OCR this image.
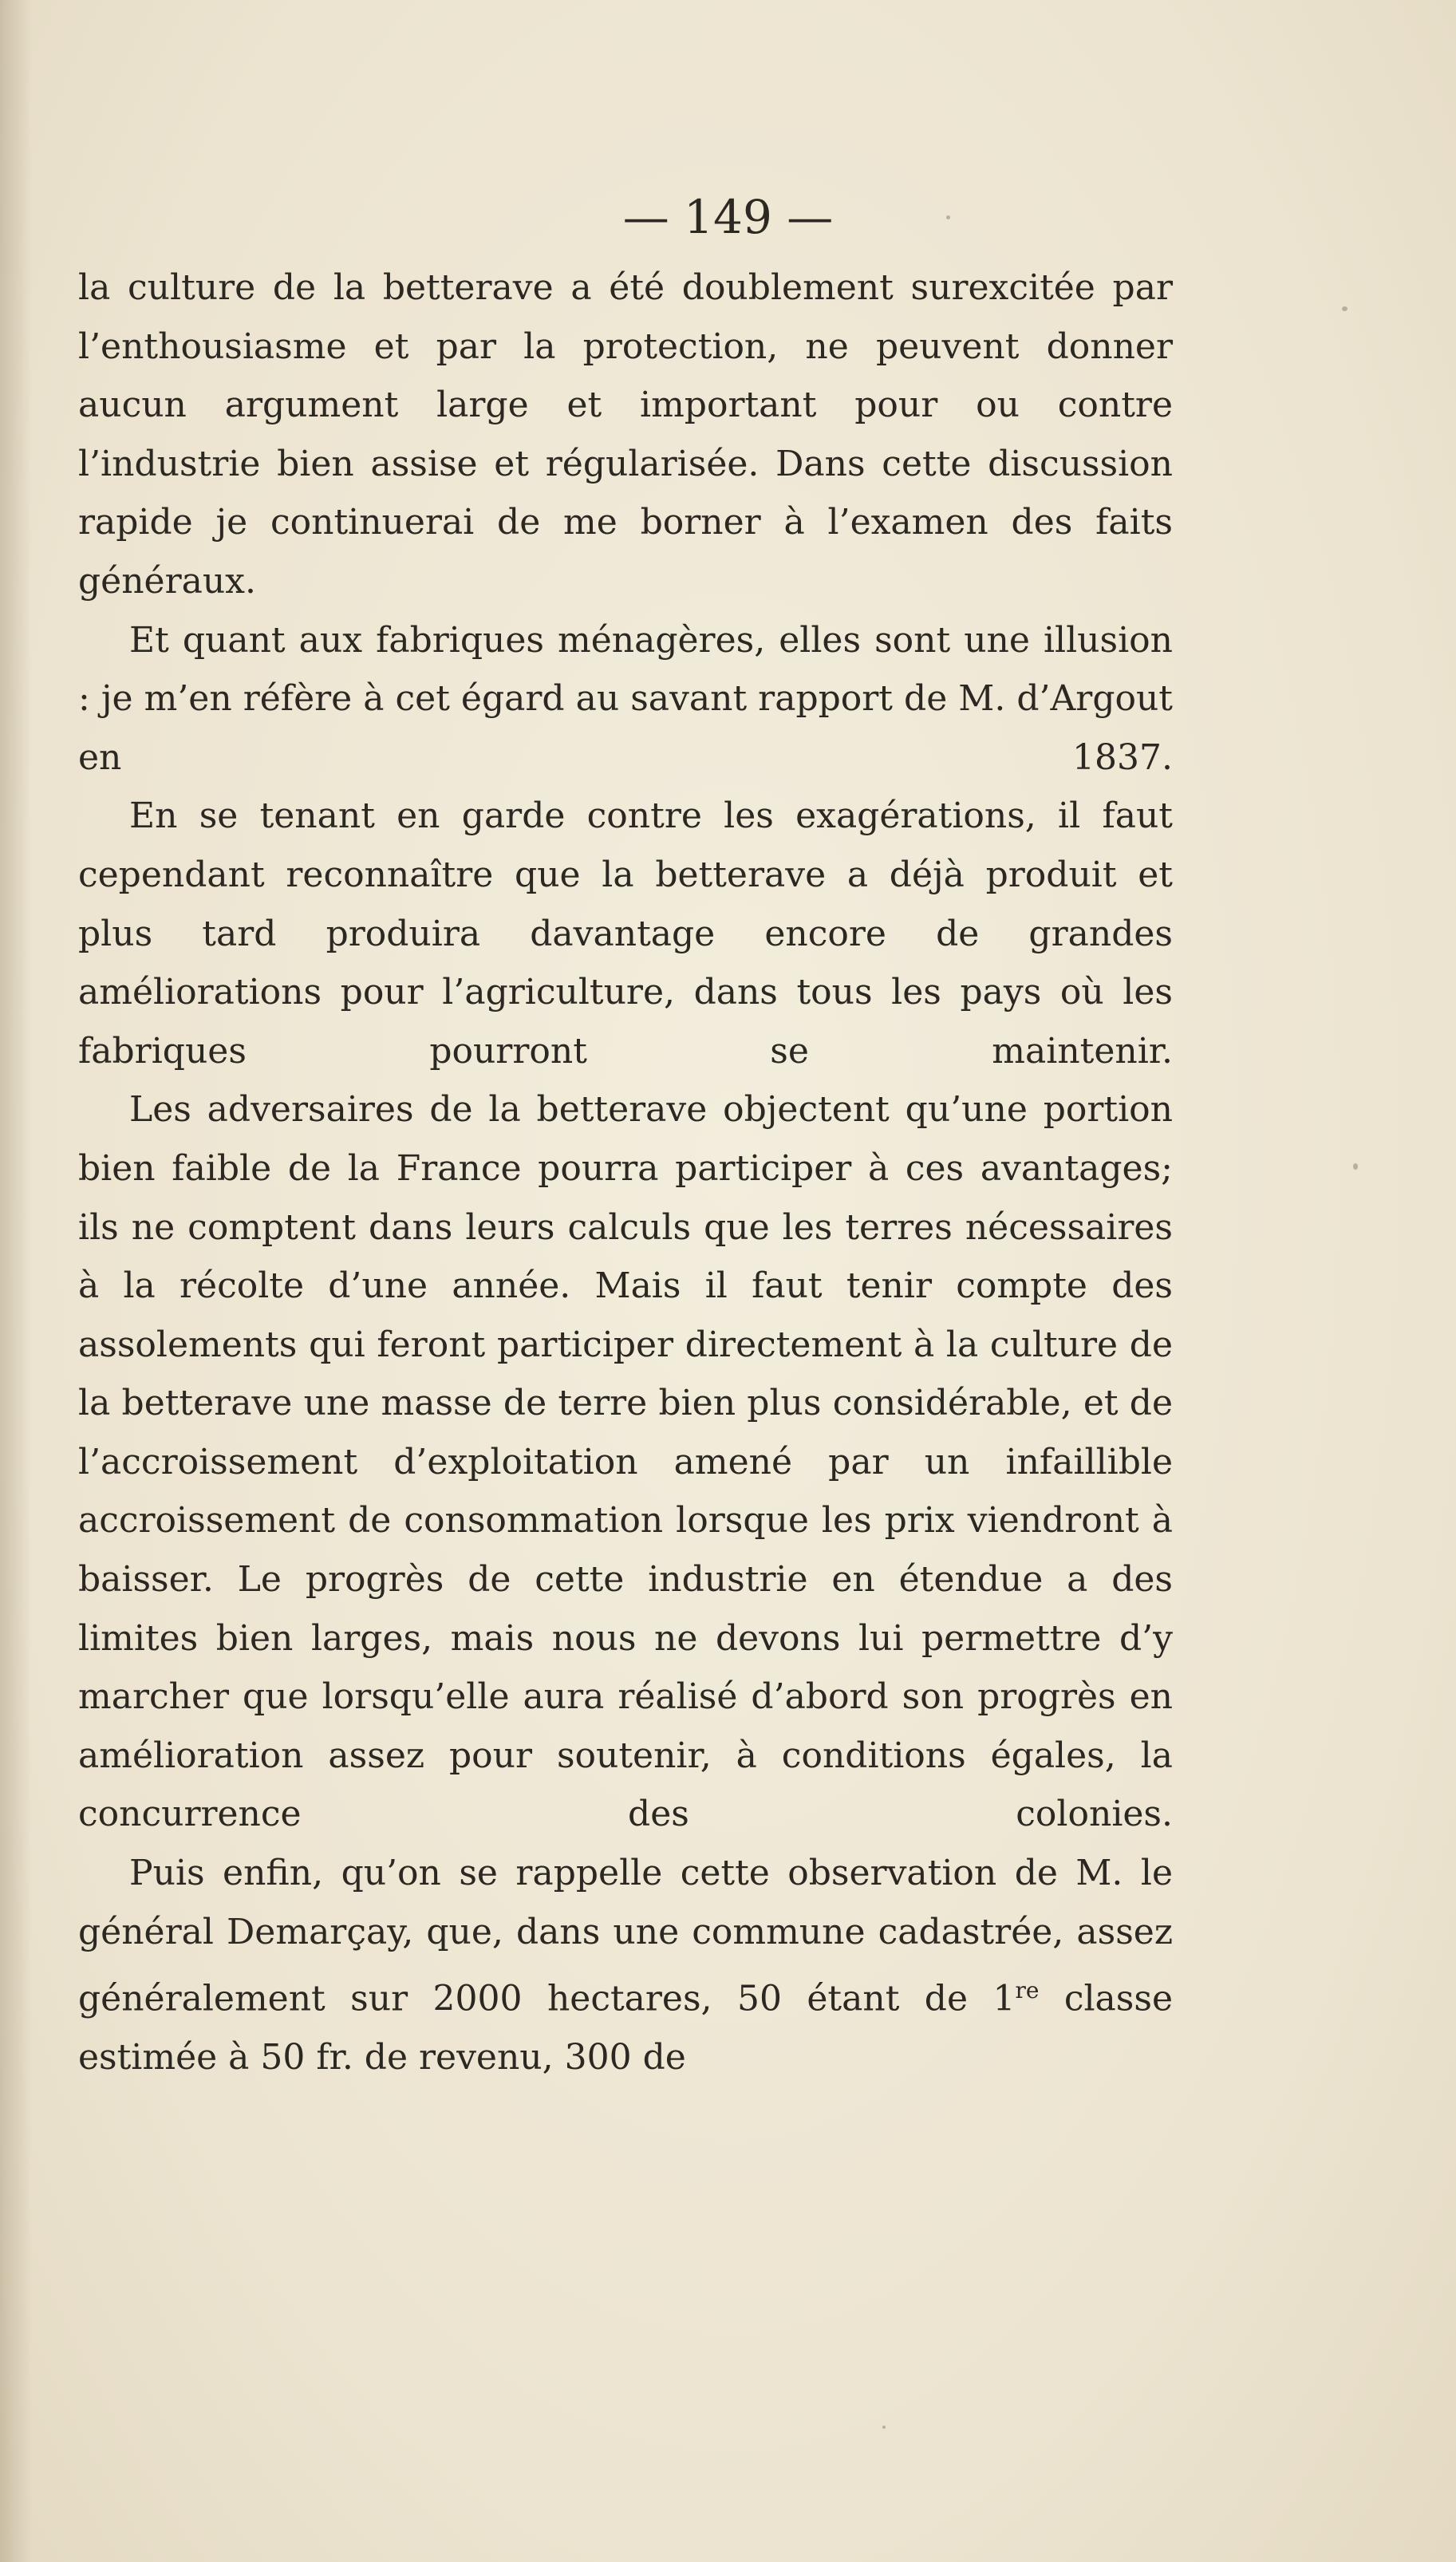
— 149 —

la culture de la betterave a été doublement surexcitée par l’enthousiasme et par la protection, ne peuvent donner aucun argument large et important pour ou contre l’industrie bien assise et régularisée. Dans cette discussion rapide je continuerai de me borner à l’examen des faits généraux.

Et quant aux fabriques ménagères, elles sont une illusion : je m’en réfère à cet égard au savant rapport de M. d’Argout en 1837.

En se tenant en garde contre les exagérations, il faut cependant reconnaître que la betterave a déjà produit et plus tard produira davantage encore de grandes améliorations pour l’agriculture, dans tous les pays où les fabriques pourront se maintenir.

Les adversaires de la betterave objectent qu’une portion bien faible de la France pourra participer à ces avantages; ils ne comptent dans leurs calculs que les terres nécessaires à la récolte d’une année. Mais il faut tenir compte des assolements qui feront participer directement à la culture de la betterave une masse de terre bien plus considérable, et de l’accroissement d’exploitation amené par un infaillible accroissement de consommation lorsque les prix viendront à baisser. Le progrès de cette industrie en étendue a des limites bien larges, mais nous ne devons lui permettre d’y marcher que lorsqu’elle aura réalisé d’abord son progrès en amélioration assez pour soutenir, à conditions égales, la concurrence des colonies.

Puis enfin, qu’on se rappelle cette observation de M. le général Demarçay, que, dans une commune cadastrée, assez généralement sur 2000 hectares, 50 étant de 1re classe estimée à 50 fr. de revenu, 300 de
